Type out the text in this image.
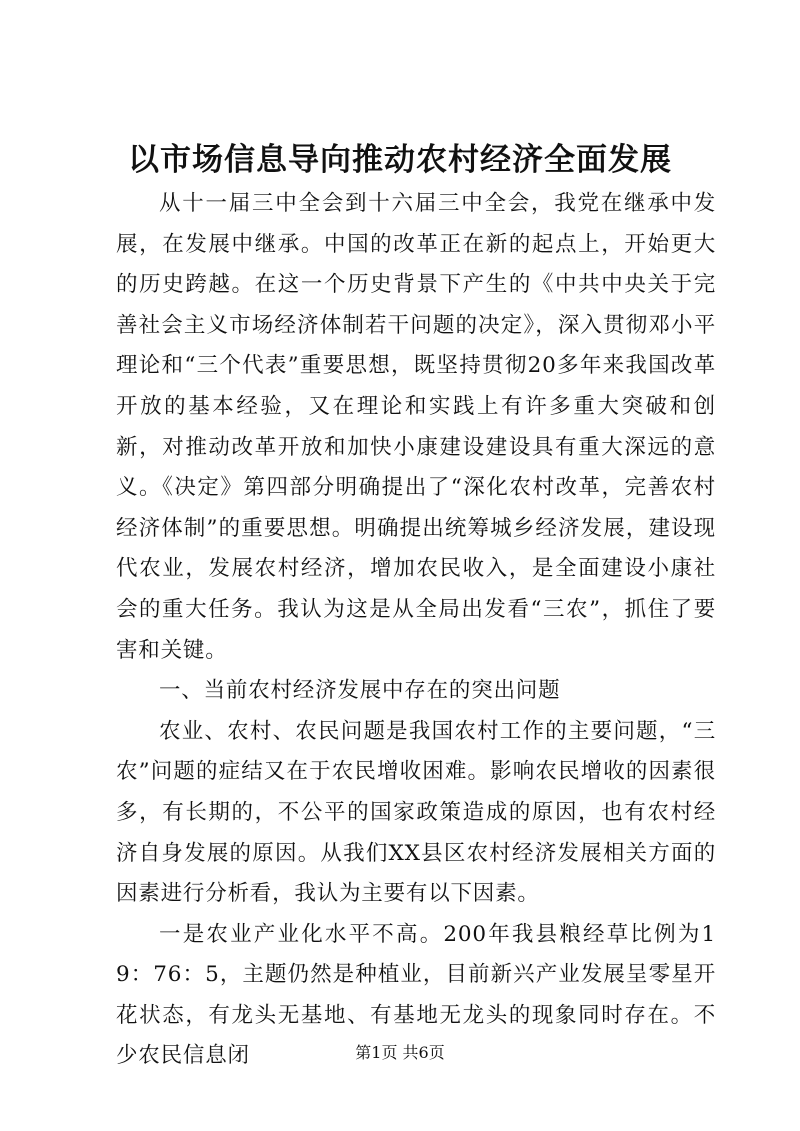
以市场信息导向推动农村经济全面发展

从十一届三中全会到十六届三中全会，我党在继承中发展，在发展中继承。中国的改革正在新的起点上，开始更大的历史跨越。在这一个历史背景下产生的《中共中央关于完善社会主义市场经济体制若干问题的决定》，深入贯彻邓小平理论和“三个代表”重要思想，既坚持贯彻20多年来我国改革开放的基本经验，又在理论和实践上有许多重大突破和创新，对推动改革开放和加快小康建设建设具有重大深远的意义。《决定》第四部分明确提出了“深化农村改革，完善农村经济体制”的重要思想。明确提出统筹城乡经济发展，建设现代农业，发展农村经济，增加农民收入，是全面建设小康社会的重大任务。我认为这是从全局出发看“三农”，抓住了要害和关键。

一、当前农村经济发展中存在的突出问题

农业、农村、农民问题是我国农村工作的主要问题，“三农”问题的症结又在于农民增收困难。影响农民增收的因素很多，有长期的，不公平的国家政策造成的原因，也有农村经济自身发展的原因。从我们XX县区农村经济发展相关方面的因素进行分析看，我认为主要有以下因素。

一是农业产业化水平不高。200年我县粮经草比例为19：76：5，主题仍然是种植业，目前新兴产业发展呈零星开花状态，有龙头无基地、有基地无龙头的现象同时存在。不少农民信息闭	第1页 共6页
